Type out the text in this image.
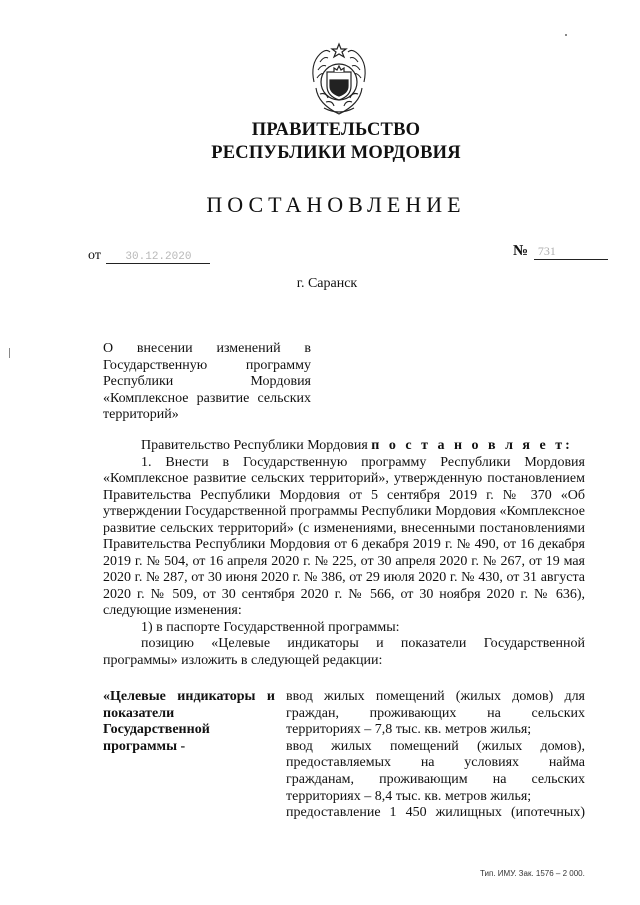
ПРАВИТЕЛЬСТВО
РЕСПУБЛИКИ МОРДОВИЯ
ПОСТАНОВЛЕНИЕ
от 30.12.2020	№ 731
г. Саранск
О внесении изменений в Государственную программу Республики Мордовия «Комплексное развитие сельских территорий»

Правительство Республики Мордовия п о с т а н о в л я е т:

1. Внести в Государственную программу Республики Мордовия «Комплексное развитие сельских территорий», утвержденную постановлением Правительства Республики Мордовия от 5 сентября 2019 г. № 370 «Об утверждении Государственной программы Республики Мордовия «Комплексное развитие сельских территорий» (с изменениями, внесенными постановлениями Правительства Республики Мордовия от 6 декабря 2019 г. № 490, от 16 декабря 2019 г. № 504, от 16 апреля 2020 г. № 225, от 30 апреля 2020 г. № 267, от 19 мая 2020 г. № 287, от 30 июня 2020 г. № 386, от 29 июля 2020 г. № 430, от 31 августа 2020 г. № 509, от 30 сентября 2020 г. № 566, от 30 ноября 2020 г. № 636), следующие изменения:

1) в паспорте Государственной программы:

позицию «Целевые индикаторы и показатели Государственной программы» изложить в следующей редакции:

«Целевые индикаторы и
показатели
Государственной
программы -

ввод жилых помещений (жилых домов) для

граждан, проживающих на сельских

территориях – 7,8 тыс. кв. метров жилья;

ввод жилых помещений (жилых домов),

предоставляемых на условиях найма

гражданам, проживающим на сельских

территориях – 8,4 тыс. кв. метров жилья;

предоставление 1 450 жилищных (ипотечных)

Тип. ИМУ. Зак. 1576 – 2 000.
